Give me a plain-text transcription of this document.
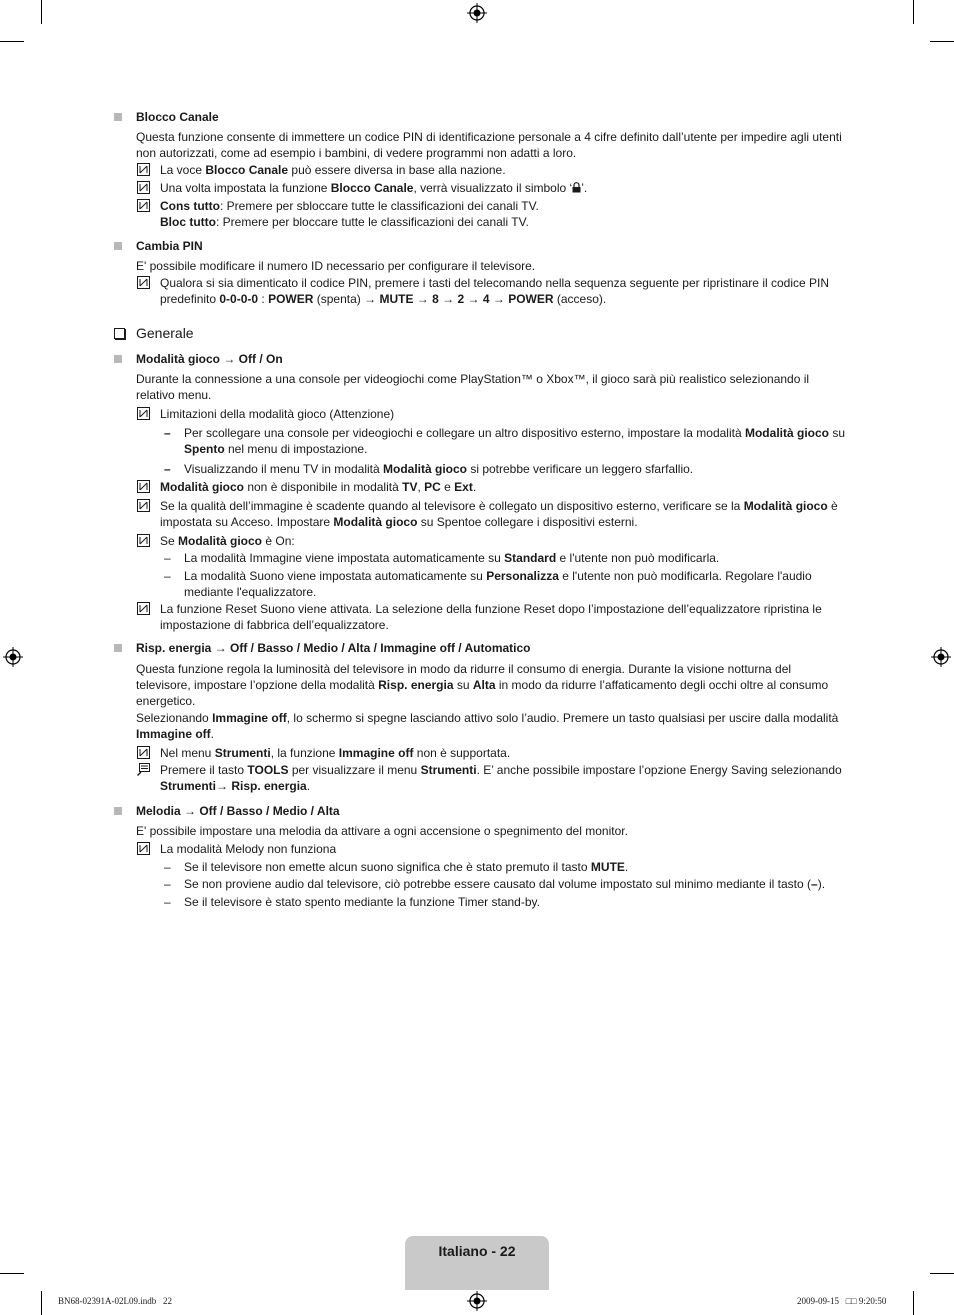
Blocco Canale
Questa funzione consente di immettere un codice PIN di identificazione personale a 4 cifre definito dall’utente per impedire agli utenti non autorizzati, come ad esempio i bambini, di vedere programmi non adatti a loro.
La voce Blocco Canale può essere diversa in base alla nazione.
Una volta impostata la funzione Blocco Canale, verrà visualizzato il simbolo ‘ ’.
Cons tutto: Premere per sbloccare tutte le classificazioni dei canali TV.
Bloc tutto: Premere per bloccare tutte le classificazioni dei canali TV.
Cambia PIN
E' possibile modificare il numero ID necessario per configurare il televisore.
Qualora si sia dimenticato il codice PIN, premere i tasti del telecomando nella sequenza seguente per ripristinare il codice PIN predefinito 0-0-0-0 : POWER (spenta) → MUTE → 8 → 2 → 4 → POWER (acceso).
Generale
Modalità gioco → Off / On
Durante la connessione a una console per videogiochi come PlayStation™ o Xbox™, il gioco sarà più realistico selezionando il relativo menu.
Limitazioni della modalità gioco (Attenzione)
– Per scollegare una console per videogiochi e collegare un altro dispositivo esterno, impostare la modalità Modalità gioco su Spento nel menu di impostazione.
– Visualizzando il menu TV in modalità Modalità gioco si potrebbe verificare un leggero sfarfallio.
Modalità gioco non è disponibile in modalità TV, PC e Ext.
Se la qualità dell’immagine è scadente quando al televisore è collegato un dispositivo esterno, verificare se la Modalità gioco è impostata su Acceso. Impostare Modalità gioco su Spentoe collegare i dispositivi esterni.
Se Modalità gioco è On:
– La modalità Immagine viene impostata automaticamente su Standard e l'utente non può modificarla.
– La modalità Suono viene impostata automaticamente su Personalizza e l'utente non può modificarla. Regolare l'audio mediante l'equalizzatore.
La funzione Reset Suono viene attivata. La selezione della funzione Reset dopo l’impostazione dell’equalizzatore ripristina le impostazione di fabbrica dell’equalizzatore.
Risp. energia → Off / Basso / Medio / Alta / Immagine off / Automatico
Questa funzione regola la luminosità del televisore in modo da ridurre il consumo di energia. Durante la visione notturna del televisore, impostare l’opzione della modalità Risp. energia su Alta in modo da ridurre l’affaticamento degli occhi oltre al consumo energetico.
Selezionando Immagine off, lo schermo si spegne lasciando attivo solo l’audio. Premere un tasto qualsiasi per uscire dalla modalità Immagine off.
Nel menu Strumenti, la funzione Immagine off non è supportata.
Premere il tasto TOOLS per visualizzare il menu Strumenti. E’ anche possibile impostare l’opzione Energy Saving selezionando Strumenti→ Risp. energia.
Melodia → Off / Basso / Medio / Alta
E' possibile impostare una melodia da attivare a ogni accensione o spegnimento del monitor.
La modalità Melody non funziona
– Se il televisore non emette alcun suono significa che è stato premuto il tasto MUTE.
– Se non proviene audio dal televisore, ciò potrebbe essere causato dal volume impostato sul minimo mediante il tasto (–).
– Se il televisore è stato spento mediante la funzione Timer stand-by.
Italiano - 22
BN68-02391A-02L09.indb   22	2009-09-15   □□ 9:20:50
